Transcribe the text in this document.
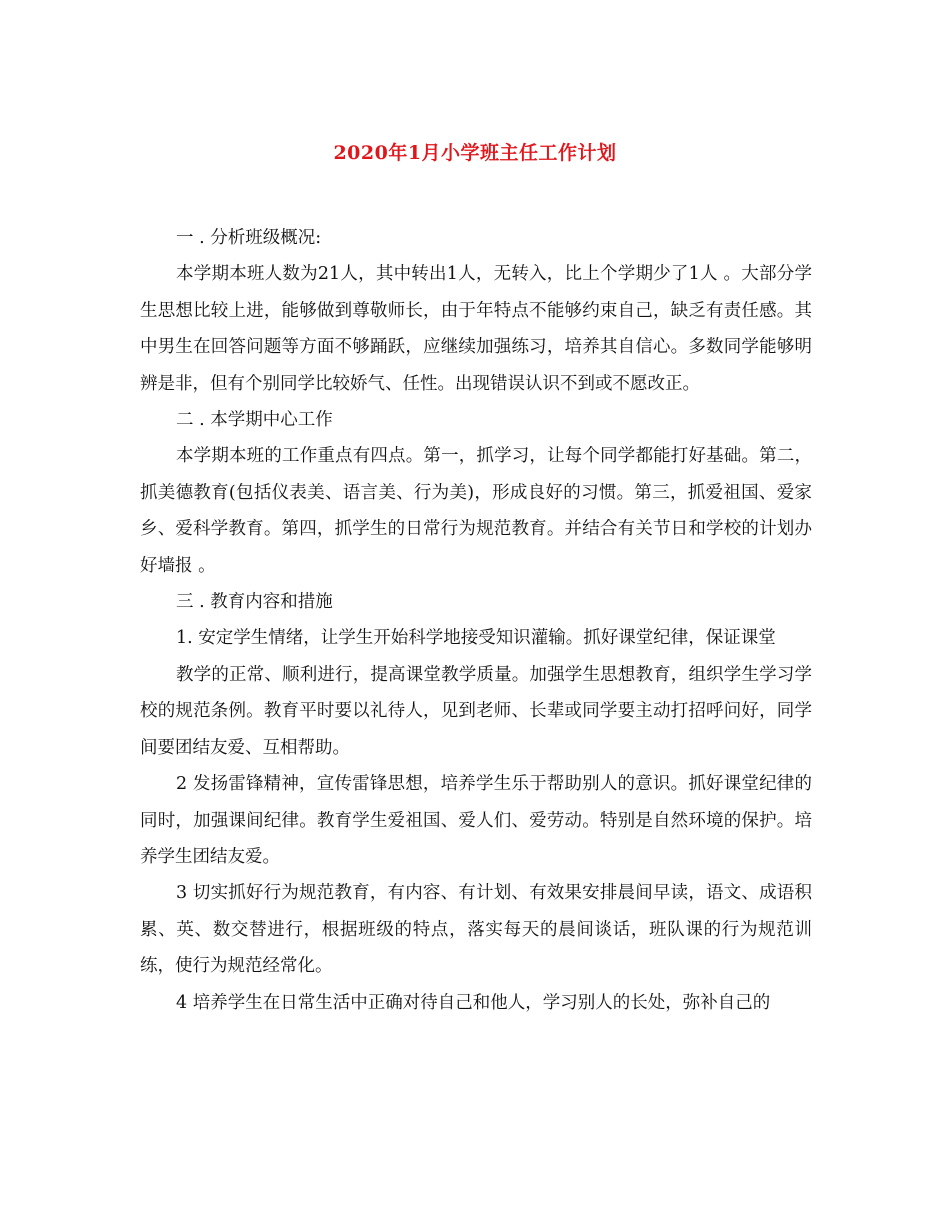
2020年1月小学班主任工作计划

一 . 分析班级概况:

本学期本班人数为21人，其中转出1人，无转入，比上个学期少了1人 。大部分学生思想比较上进，能够做到尊敬师长，由于年特点不能够约束自己，缺乏有责任感。其中男生在回答问题等方面不够踊跃，应继续加强练习，培养其自信心。多数同学能够明辨是非，但有个别同学比较娇气、任性。出现错误认识不到或不愿改正。

二 . 本学期中心工作

本学期本班的工作重点有四点。第一，抓学习，让每个同学都能打好基础。第二，抓美德教育(包括仪表美、语言美、行为美)，形成良好的习惯。第三，抓爱祖国、爱家乡、爱科学教育。第四，抓学生的日常行为规范教育。并结合有关节日和学校的计划办好墙报 。

三 . 教育内容和措施

1. 安定学生情绪，让学生开始科学地接受知识灌输。抓好课堂纪律，保证课堂

教学的正常、顺利进行，提高课堂教学质量。加强学生思想教育，组织学生学习学校的规范条例。教育平时要以礼待人，见到老师、长辈或同学要主动打招呼问好，同学间要团结友爱、互相帮助。

2 发扬雷锋精神，宣传雷锋思想，培养学生乐于帮助别人的意识。抓好课堂纪律的同时，加强课间纪律。教育学生爱祖国、爱人们、爱劳动。特别是自然环境的保护。培养学生团结友爱。

3 切实抓好行为规范教育，有内容、有计划、有效果安排晨间早读，语文、成语积累、英、数交替进行，根据班级的特点，落实每天的晨间谈话，班队课的行为规范训练，使行为规范经常化。

4 培养学生在日常生活中正确对待自己和他人，学习别人的长处，弥补自己的
